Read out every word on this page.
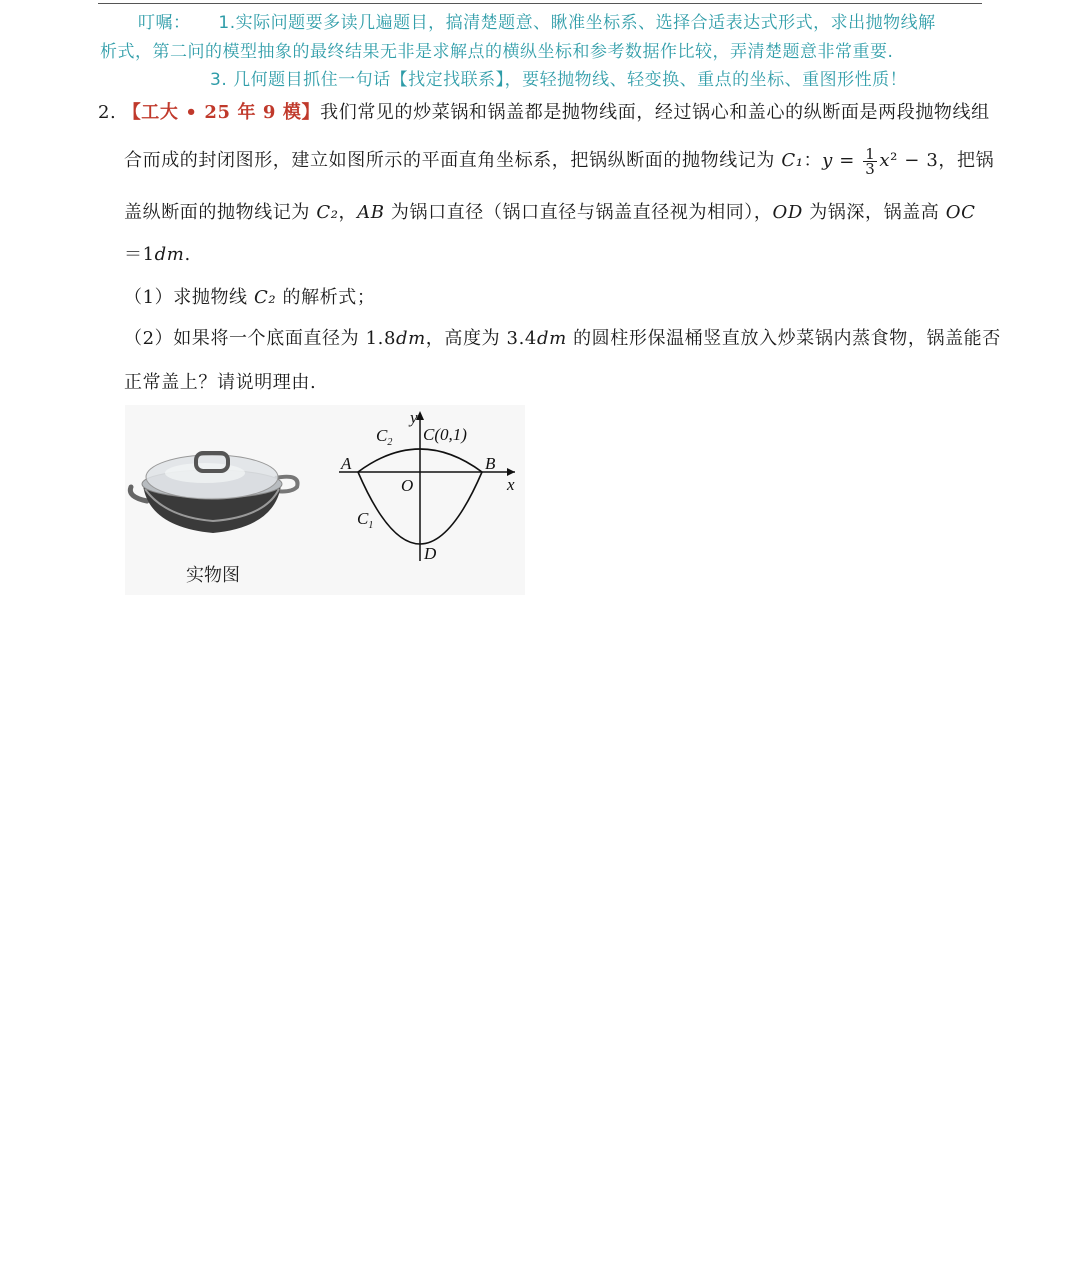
叮嘱： 1.实际问题要多读几遍题目，搞清楚题意、瞅准坐标系、选择合适表达式形式，求出抛物线解
析式，第二问的模型抽象的最终结果无非是求解点的横纵坐标和参考数据作比较，弄清楚题意非常重要.
3. 几何题目抓住一句话【找定找联系】，要轻抛物线、轻变换、重点的坐标、重图形性质！
2. 【工大 • 25 年 9 模】我们常见的炒菜锅和锅盖都是抛物线面，经过锅心和盖心的纵断面是两段抛物线组
合而成的封闭图形，建立如图所示的平面直角坐标系，把锅纵断面的抛物线记为 C₁：$y = \frac{1}{3} x^2 - 3$，把锅
盖纵断面的抛物线记为 C₂，AB 为锅口直径（锅口直径与锅盖直径视为相同），OD 为锅深，锅盖高 OC
＝1dm.
（1）求抛物线 C₂ 的解析式；
（2）如果将一个底面直径为 1.8dm，高度为 3.4dm 的圆柱形保温桶竖直放入炒菜锅内蒸食物，锅盖能否
正常盖上？请说明理由.
实物图
y
x
$C_2$ C(0,1)
A	B
O
$C_1$
D
